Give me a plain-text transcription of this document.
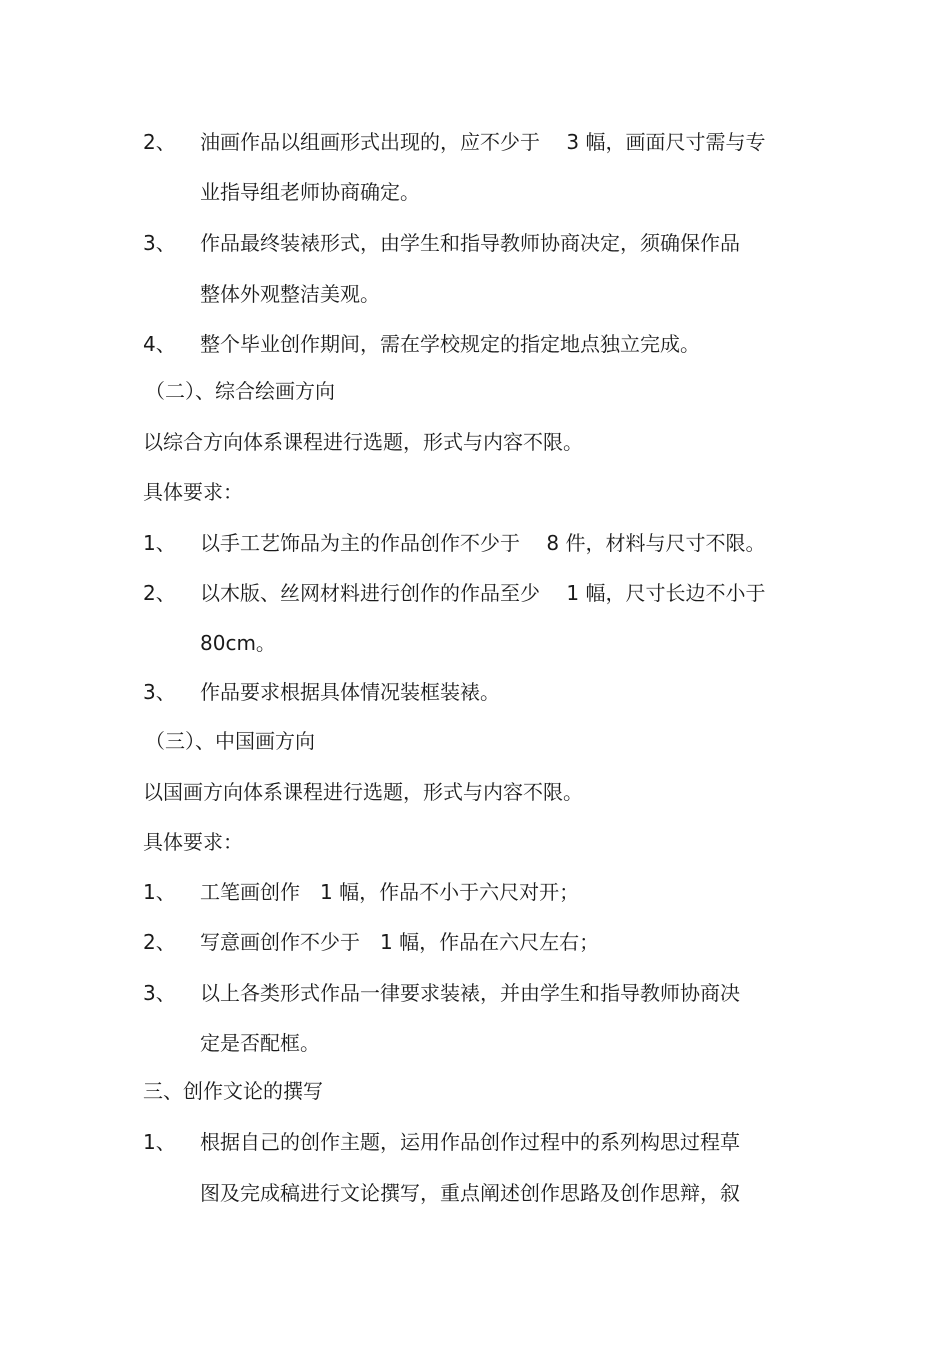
2、 油画作品以组画形式出现的，应不少于　 3 幅，画面尺寸需与专
业指导组老师协商确定。
3、 作品最终装裱形式，由学生和指导教师协商决定，须确保作品
整体外观整洁美观。
4、 整个毕业创作期间，需在学校规定的指定地点独立完成。
（二）、综合绘画方向
以综合方向体系课程进行选题，形式与内容不限。
具体要求：
1、 以手工艺饰品为主的作品创作不少于　 8 件，材料与尺寸不限。
2、 以木版、丝网材料进行创作的作品至少　 1 幅，尺寸长边不小于
80cm。
3、 作品要求根据具体情况装框装裱。
（三）、中国画方向
以国画方向体系课程进行选题，形式与内容不限。
具体要求：
1、 工笔画创作　1 幅，作品不小于六尺对开；
2、 写意画创作不少于　1 幅，作品在六尺左右；
3、 以上各类形式作品一律要求装裱，并由学生和指导教师协商决
定是否配框。
三、创作文论的撰写
1、 根据自己的创作主题，运用作品创作过程中的系列构思过程草
图及完成稿进行文论撰写，重点阐述创作思路及创作思辩，叙
